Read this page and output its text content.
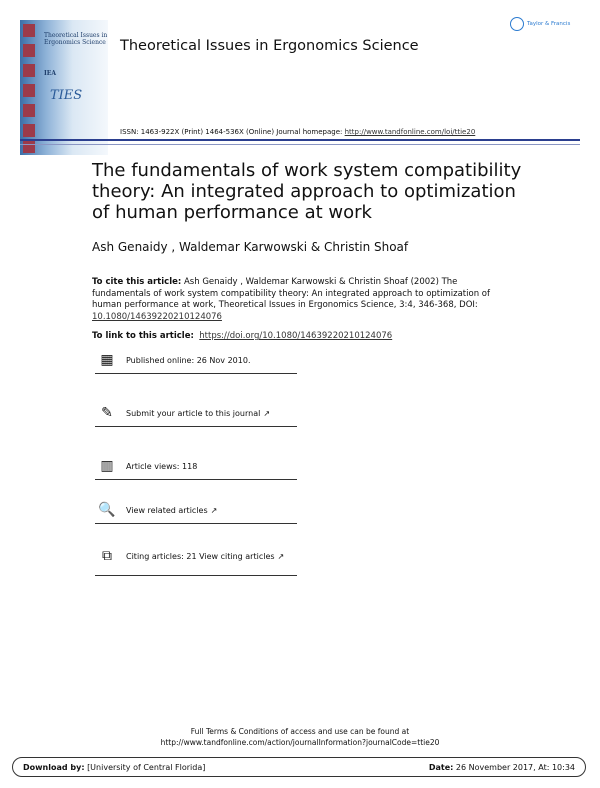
Theoretical Issues in Ergonomics Science
IEA
TIES
Theoretical Issues in Ergonomics Science
Taylor & Francis
ISSN: 1463-922X (Print) 1464-536X (Online) Journal homepage: http://www.tandfonline.com/loi/ttie20
The fundamentals of work system compatibility theory: An integrated approach to optimization of human performance at work
Ash Genaidy , Waldemar Karwowski & Christin Shoaf
To cite this article: Ash Genaidy , Waldemar Karwowski & Christin Shoaf (2002) The fundamentals of work system compatibility theory: An integrated approach to optimization of human performance at work, Theoretical Issues in Ergonomics Science, 3:4, 346-368, DOI:
10.1080/14639220210124076
To link to this article: https://doi.org/10.1080/14639220210124076
▦ Published online: 26 Nov 2010.
✎	Submit your article to this journal ↗
▥ Article views: 118
🔍 View related articles ↗
⧉	Citing articles: 21 View citing articles ↗
Full Terms & Conditions of access and use can be found at
http://www.tandfonline.com/action/journalInformation?journalCode=ttie20
Download by: [University of Central Florida]	Date: 26 November 2017, At: 10:34
